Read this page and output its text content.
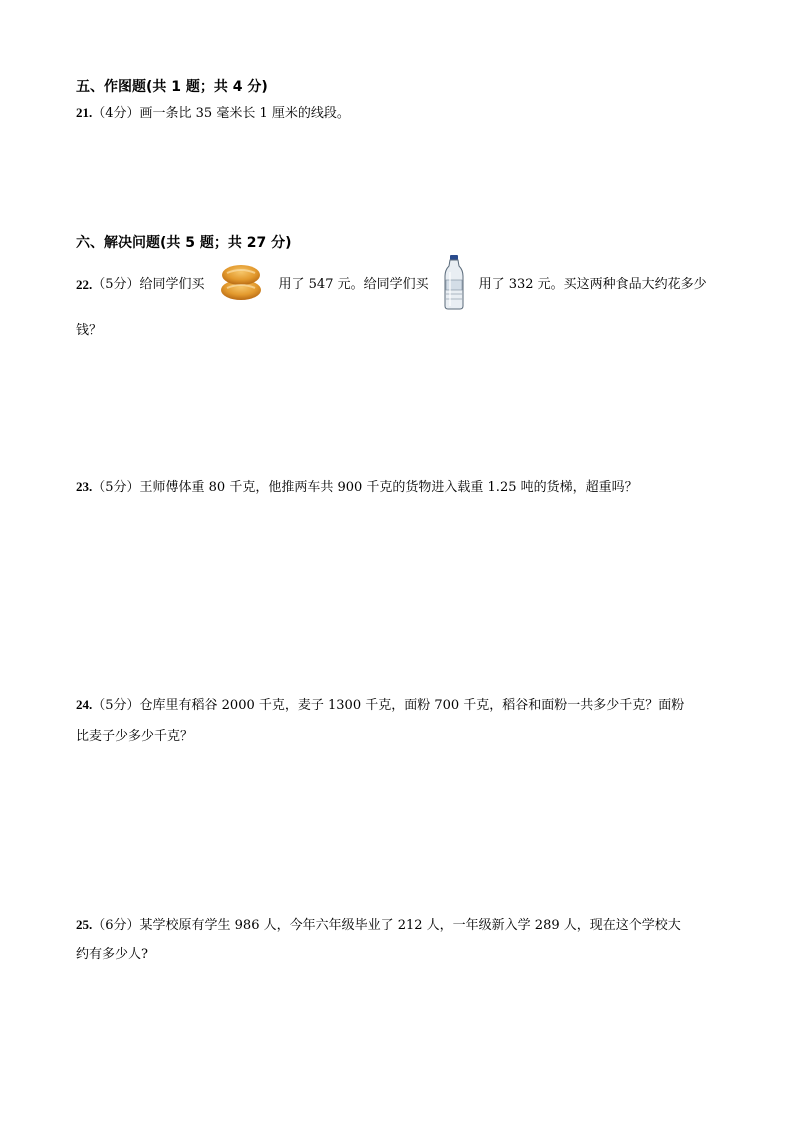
五、作图题(共 1 题；共 4 分)
21.（4分）画一条比 35 毫米长 1 厘米的线段。
六、解决问题(共 5 题；共 27 分)
22. （5分）给同学们买	用了 547 元。给同学们买	用了 332 元。买这两种食品大约花多少
钱？
23.（5分）王师傅体重 80 千克，他推两车共 900 千克的货物进入载重 1.25 吨的货梯，超重吗？
24.（5分）仓库里有稻谷 2000 千克，麦子 1300 千克，面粉 700 千克，稻谷和面粉一共多少千克？面粉
比麦子少多少千克？
25.（6分）某学校原有学生 986 人，今年六年级毕业了 212 人，一年级新入学 289 人，现在这个学校大
约有多少人?
